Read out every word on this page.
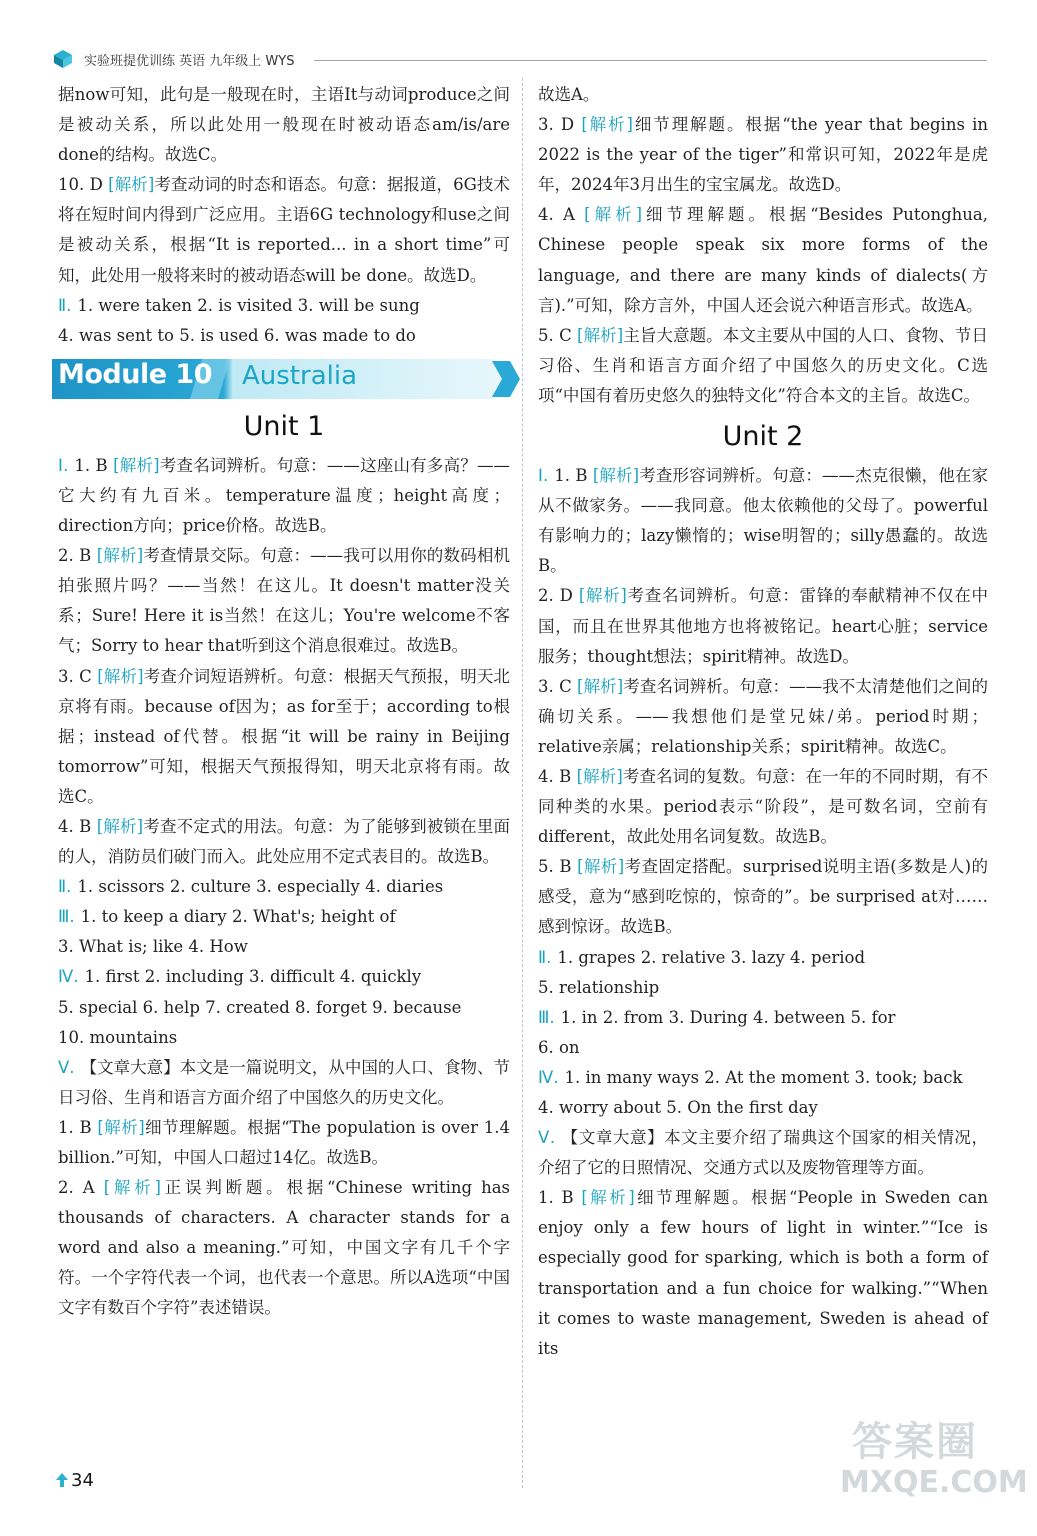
实验班提优训练 英语 九年级上 WYS

据now可知，此句是一般现在时，主语It与动词produce之间是被动关系，所以此处用一般现在时被动语态am/is/are done的结构。故选C。

10. D [解析]考查动词的时态和语态。句意：据报道，6G技术将在短时间内得到广泛应用。主语6G technology和use之间是被动关系，根据“It is reported... in a short time”可知，此处用一般将来时的被动语态will be done。故选D。

Ⅱ. 1. were taken 2. is visited 3. will be sung

4. was sent to 5. is used 6. was made to do

Module 10 Australia
Unit 1

Ⅰ. 1. B [解析]考查名词辨析。句意：——这座山有多高？——它大约有九百米。temperature温度；height高度；direction方向；price价格。故选B。

2. B [解析]考查情景交际。句意：——我可以用你的数码相机拍张照片吗？——当然！在这儿。It doesn't matter没关系；Sure! Here it is当然！在这儿；You're welcome不客气；Sorry to hear that听到这个消息很难过。故选B。

3. C [解析]考查介词短语辨析。句意：根据天气预报，明天北京将有雨。because of因为；as for至于；according to根据；instead of代替。根据“it will be rainy in Beijing tomorrow”可知，根据天气预报得知，明天北京将有雨。故选C。

4. B [解析]考查不定式的用法。句意：为了能够到被锁在里面的人，消防员们破门而入。此处应用不定式表目的。故选B。

Ⅱ. 1. scissors 2. culture 3. especially 4. diaries

Ⅲ. 1. to keep a diary 2. What's; height of

3. What is; like 4. How

Ⅳ. 1. first 2. including 3. difficult 4. quickly

5. special 6. help 7. created 8. forget 9. because

10. mountains

Ⅴ. 【文章大意】本文是一篇说明文，从中国的人口、食物、节日习俗、生肖和语言方面介绍了中国悠久的历史文化。

1. B [解析]细节理解题。根据“The population is over 1.4 billion.”可知，中国人口超过14亿。故选B。

2. A [解析]正误判断题。根据“Chinese writing has thousands of characters. A character stands for a word and also a meaning.”可知，中国文字有几千个字符。一个字符代表一个词，也代表一个意思。所以A选项“中国文字有数百个字符”表述错误。

故选A。

3. D [解析]细节理解题。根据“the year that begins in 2022 is the year of the tiger”和常识可知，2022年是虎年，2024年3月出生的宝宝属龙。故选D。

4. A [解析]细节理解题。根据“Besides Putonghua, Chinese people speak six more forms of the language, and there are many kinds of dialects(方言).”可知，除方言外，中国人还会说六种语言形式。故选A。

5. C [解析]主旨大意题。本文主要从中国的人口、食物、节日习俗、生肖和语言方面介绍了中国悠久的历史文化。C选项“中国有着历史悠久的独特文化”符合本文的主旨。故选C。

Unit 2

Ⅰ. 1. B [解析]考查形容词辨析。句意：——杰克很懒，他在家从不做家务。——我同意。他太依赖他的父母了。powerful有影响力的；lazy懒惰的；wise明智的；silly愚蠢的。故选B。

2. D [解析]考查名词辨析。句意：雷锋的奉献精神不仅在中国，而且在世界其他地方也将被铭记。heart心脏；service服务；thought想法；spirit精神。故选D。

3. C [解析]考查名词辨析。句意：——我不太清楚他们之间的确切关系。——我想他们是堂兄妹/弟。period时期；relative亲属；relationship关系；spirit精神。故选C。

4. B [解析]考查名词的复数。句意：在一年的不同时期，有不同种类的水果。period表示“阶段”，是可数名词，空前有different，故此处用名词复数。故选B。

5. B [解析]考查固定搭配。surprised说明主语(多数是人)的感受，意为“感到吃惊的，惊奇的”。be surprised at对……感到惊讶。故选B。

Ⅱ. 1. grapes 2. relative 3. lazy 4. period

5. relationship

Ⅲ. 1. in 2. from 3. During 4. between 5. for

6. on

Ⅳ. 1. in many ways 2. At the moment 3. took; back

4. worry about 5. On the first day

Ⅴ. 【文章大意】本文主要介绍了瑞典这个国家的相关情况，介绍了它的日照情况、交通方式以及废物管理等方面。

1. B [解析]细节理解题。根据“People in Sweden can enjoy only a few hours of light in winter.”“Ice is especially good for sparking, which is both a form of transportation and a fun choice for walking.”“When it comes to waste management, Sweden is ahead of its

34
答案圈
MXQE.COM
